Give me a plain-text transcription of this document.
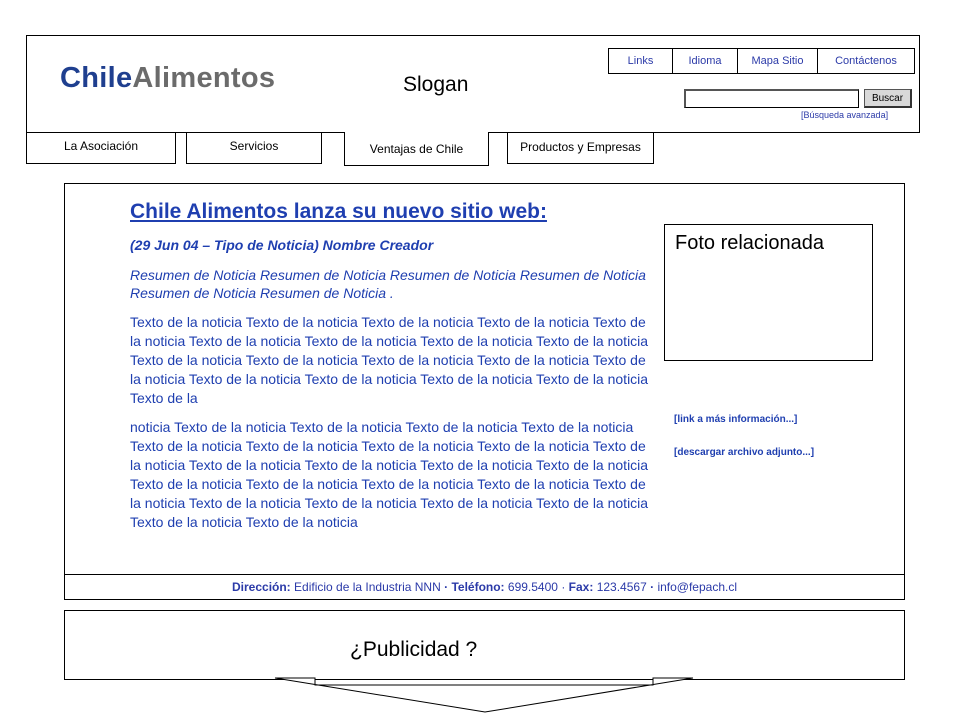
ChileAlimentos	Slogan
Links	Idioma	Mapa Sitio	Contáctenos
Buscar
[Búsqueda avanzada]
La Asociación	Servicios	Ventajas de Chile	Productos y Empresas
Chile Alimentos lanza su nuevo sitio web:
(29 Jun 04 – Tipo de Noticia) Nombre Creador
Resumen de Noticia Resumen de Noticia Resumen de Noticia Resumen de Noticia Resumen de Noticia Resumen de Noticia .
Texto de la noticia Texto de la noticia Texto de la noticia Texto de la noticia Texto de la noticia Texto de la noticia Texto de la noticia Texto de la noticia Texto de la noticia Texto de la noticia Texto de la noticia Texto de la noticia Texto de la noticia Texto de la noticia Texto de la noticia Texto de la noticia Texto de la noticia Texto de la noticia Texto de la
noticia Texto de la noticia Texto de la noticia Texto de la noticia Texto de la noticia Texto de la noticia Texto de la noticia Texto de la noticia Texto de la noticia Texto de la noticia Texto de la noticia Texto de la noticia Texto de la noticia Texto de la noticia Texto de la noticia Texto de la noticia Texto de la noticia Texto de la noticia Texto de la noticia Texto de la noticia Texto de la noticia Texto de la noticia Texto de la noticia Texto de la noticia Texto de la noticia
Foto relacionada
[link a más información...]
[descargar archivo adjunto...]
Dirección: Edificio de la Industria NNN · Teléfono: 699.5400 · Fax: 123.4567 · info@fepach.cl
¿Publicidad ?
